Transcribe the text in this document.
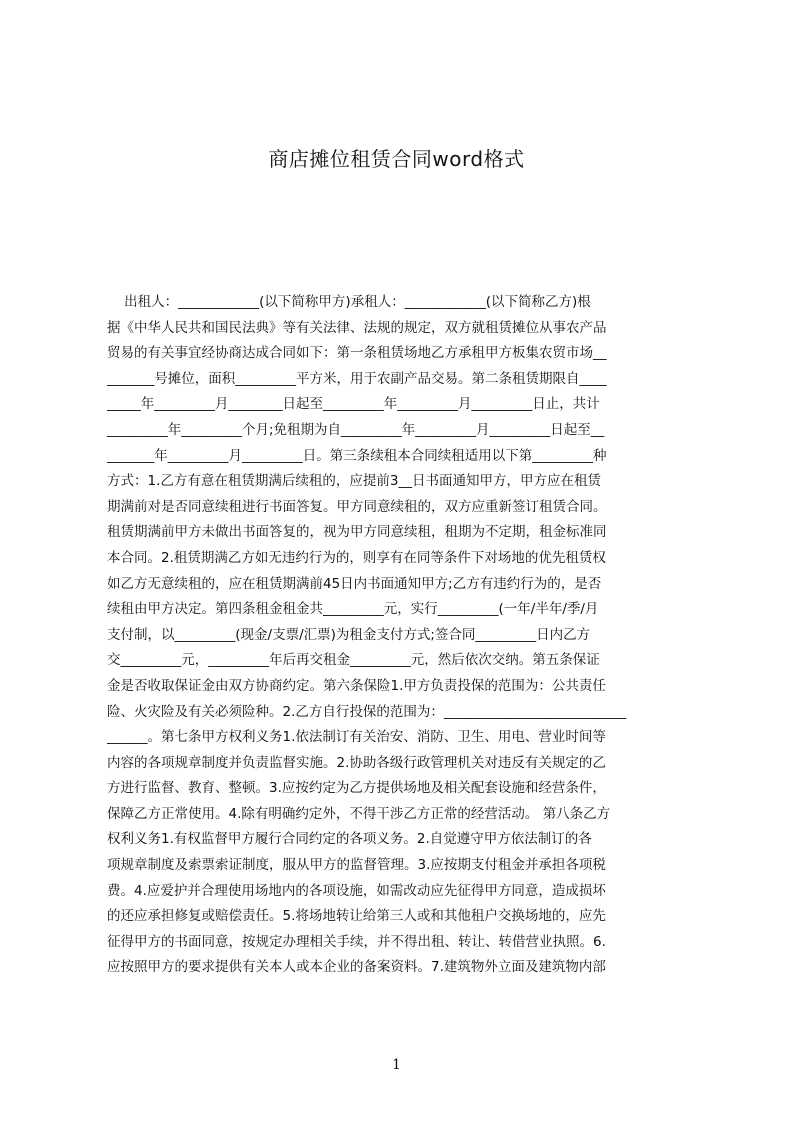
商店摊位租赁合同word格式
出租人：____________(以下简称甲方)承租人：____________(以下简称乙方)根
据《中华人民共和国民法典》等有关法律、法规的规定，双方就租赁摊位从事农产品
贸易的有关事宜经协商达成合同如下：第一条租赁场地乙方承租甲方板集农贸市场__
_______号摊位，面积_________平方米，用于农副产品交易。第二条租赁期限自____
_____年_________月________日起至_________年_________月_________日止，共计
_________年_________个月;免租期为自_________年_________月_________日起至__
_______年_________月_________日。第三条续租本合同续租适用以下第_________种
方式：1.乙方有意在租赁期满后续租的，应提前3__日书面通知甲方，甲方应在租赁
期满前对是否同意续租进行书面答复。甲方同意续租的，双方应重新签订租赁合同。
租赁期满前甲方未做出书面答复的，视为甲方同意续租，租期为不定期，租金标准同
本合同。2.租赁期满乙方如无违约行为的，则享有在同等条件下对场地的优先租赁权
如乙方无意续租的，应在租赁期满前45日内书面通知甲方;乙方有违约行为的，是否
续租由甲方决定。第四条租金租金共_________元，实行_________(一年/半年/季/月
支付制，以_________(现金/支票/汇票)为租金支付方式;签合同_________日内乙方
交_________元，_________年后再交租金_________元，然后依次交纳。第五条保证
金是否收取保证金由双方协商约定。第六条保险1.甲方负责投保的范围为：公共责任
险、火灾险及有关必须险种。2.乙方自行投保的范围为：___________________________
______。第七条甲方权利义务1.依法制订有关治安、消防、卫生、用电、营业时间等
内容的各项规章制度并负责监督实施。2.协助各级行政管理机关对违反有关规定的乙
方进行监督、教育、整顿。3.应按约定为乙方提供场地及相关配套设施和经营条件，
保障乙方正常使用。4.除有明确约定外，不得干涉乙方正常的经营活动。 第八条乙方
权利义务1.有权监督甲方履行合同约定的各项义务。2.自觉遵守甲方依法制订的各
项规章制度及索票索证制度，服从甲方的监督管理。3.应按期支付租金并承担各项税
费。4.应爱护并合理使用场地内的各项设施，如需改动应先征得甲方同意，造成损坏
的还应承担修复或赔偿责任。5.将场地转让给第三人或和其他租户交换场地的，应先
征得甲方的书面同意，按规定办理相关手续，并不得出租、转让、转借营业执照。6.
应按照甲方的要求提供有关本人或本企业的备案资料。7.建筑物外立面及建筑物内部
1
